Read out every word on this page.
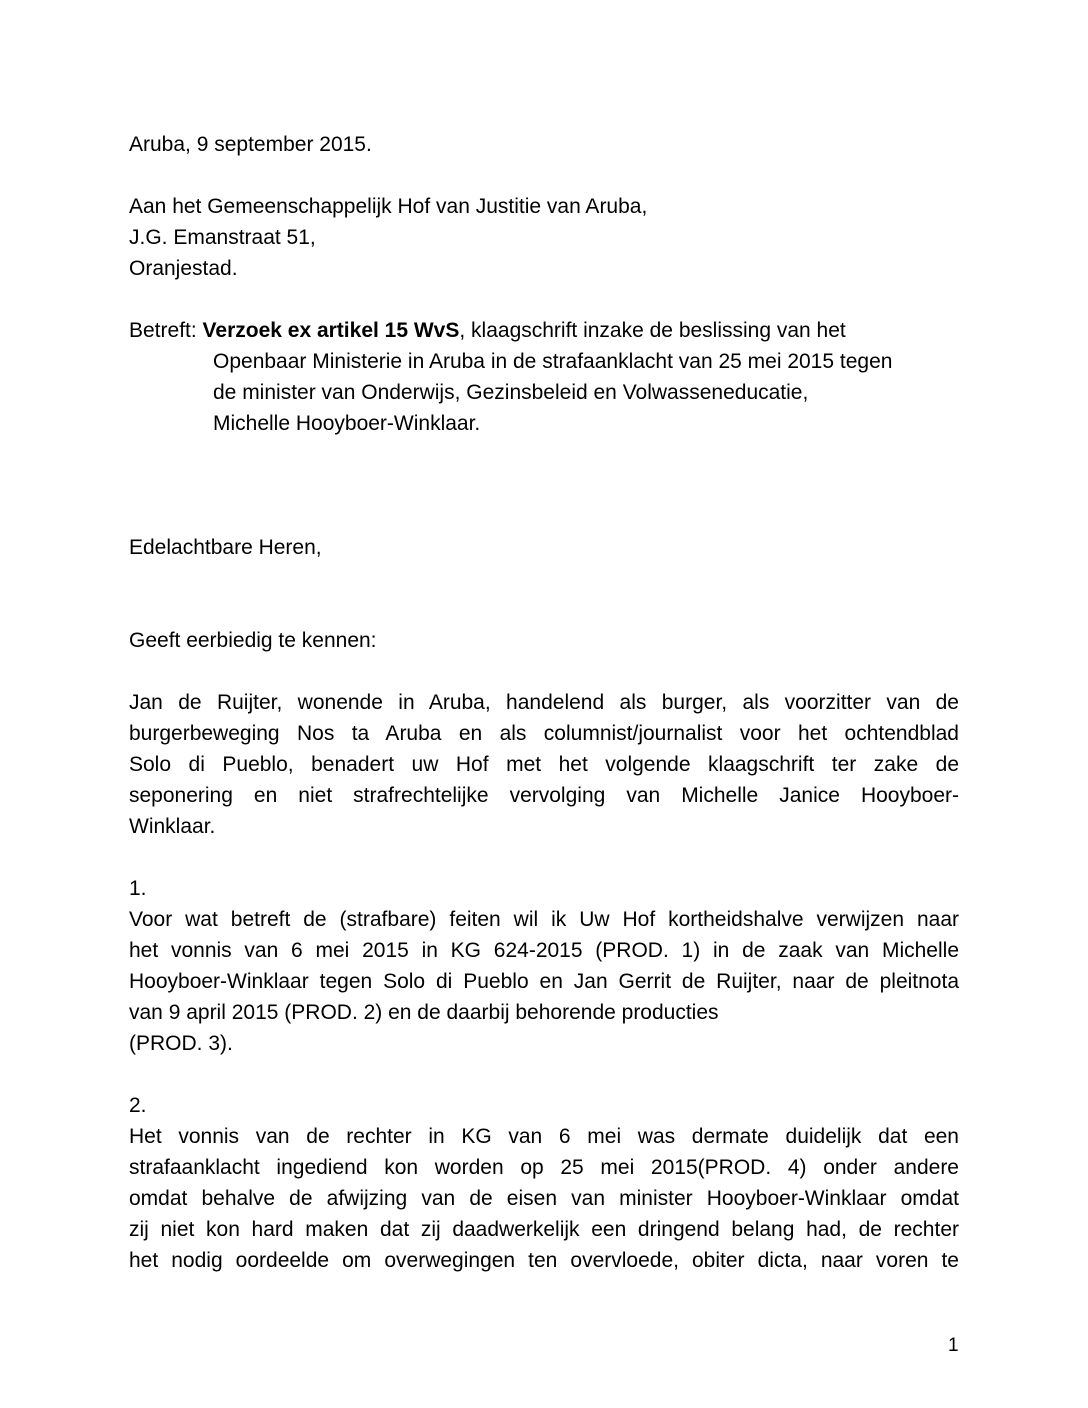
Aruba, 9 september 2015.
Aan het Gemeenschappelijk Hof van Justitie van Aruba,
J.G. Emanstraat 51,
Oranjestad.
Betreft: Verzoek ex artikel 15 WvS, klaagschrift inzake de beslissing van het
Openbaar Ministerie in Aruba in de strafaanklacht van 25 mei 2015 tegen
de minister van Onderwijs, Gezinsbeleid en Volwasseneducatie,
Michelle Hooyboer-Winklaar.
Edelachtbare Heren,
Geeft eerbiedig te kennen:
Jan de Ruijter, wonende in Aruba, handelend als burger, als voorzitter van de
burgerbeweging Nos ta Aruba en als columnist/journalist voor het ochtendblad
Solo di Pueblo, benadert uw Hof met het volgende klaagschrift ter zake de
seponering en niet strafrechtelijke vervolging van Michelle Janice Hooyboer-
Winklaar.
1.
Voor wat betreft de (strafbare) feiten wil ik Uw Hof kortheidshalve verwijzen naar
het vonnis van 6 mei 2015 in KG 624-2015 (PROD. 1) in de zaak van Michelle
Hooyboer-Winklaar tegen Solo di Pueblo en Jan Gerrit de Ruijter, naar de pleitnota
van 9 april 2015 (PROD. 2) en de daarbij behorende producties
(PROD. 3).
2.
Het vonnis van de rechter in KG van 6 mei was dermate duidelijk dat een
strafaanklacht ingediend kon worden op 25 mei 2015(PROD. 4) onder andere
omdat behalve de afwijzing van de eisen van minister Hooyboer-Winklaar omdat
zij niet kon hard maken dat zij daadwerkelijk een dringend belang had, de rechter
het nodig oordeelde om overwegingen ten overvloede, obiter dicta, naar voren te
1
